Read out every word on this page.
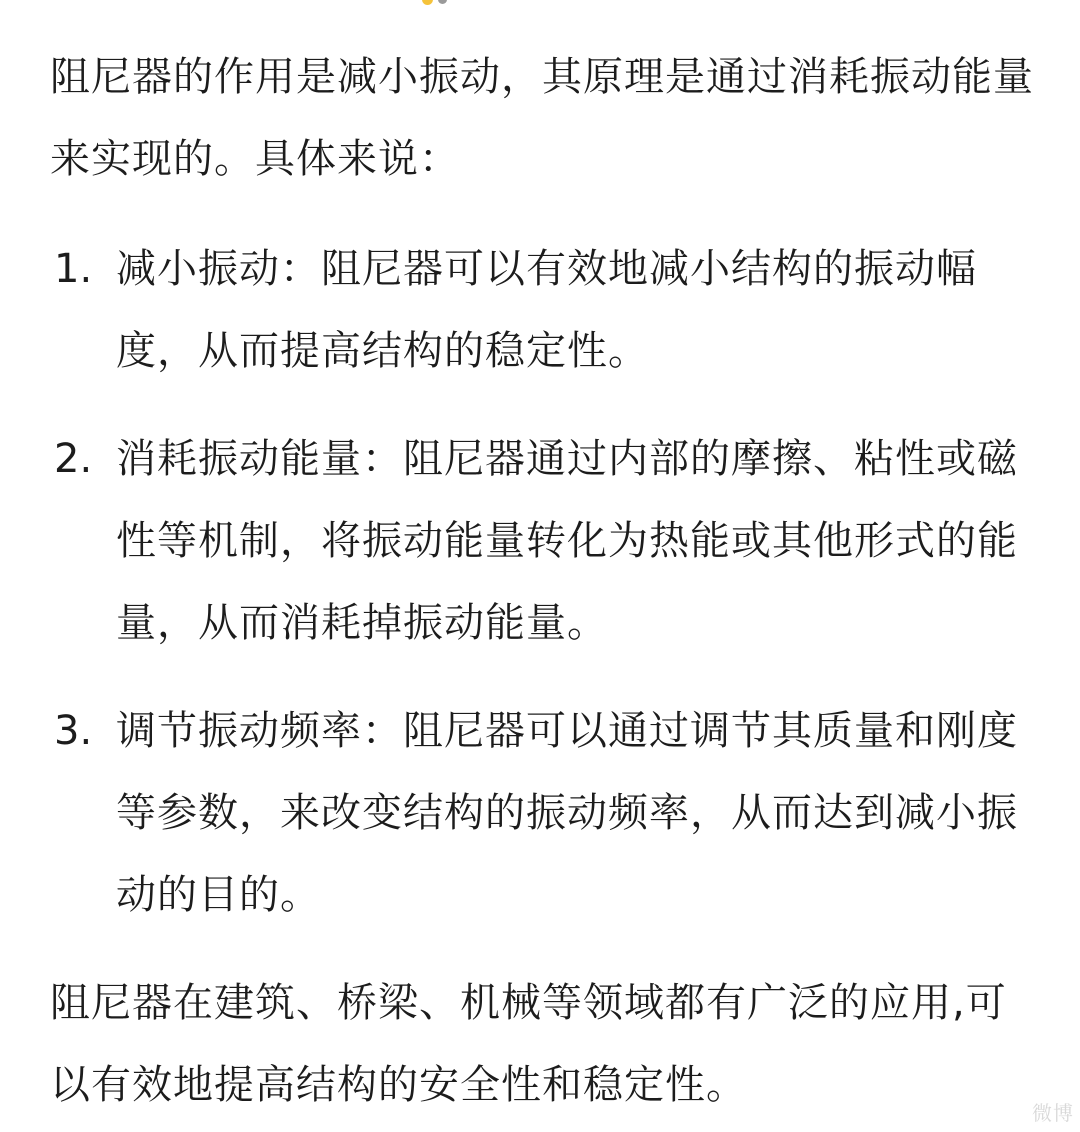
阻尼器的作用是减小振动，其原理是通过消耗振动能量来实现的。具体来说：

1. 减小振动：阻尼器可以有效地减小结构的振动幅度，从而提高结构的稳定性。
2. 消耗振动能量：阻尼器通过内部的摩擦、粘性或磁性等机制，将振动能量转化为热能或其他形式的能量，从而消耗掉振动能量。
3. 调节振动频率：阻尼器可以通过调节其质量和刚度等参数，来改变结构的振动频率，从而达到减小振动的目的。

阻尼器在建筑、桥梁、机械等领域都有广泛的应用,可以有效地提高结构的安全性和稳定性。

微博
